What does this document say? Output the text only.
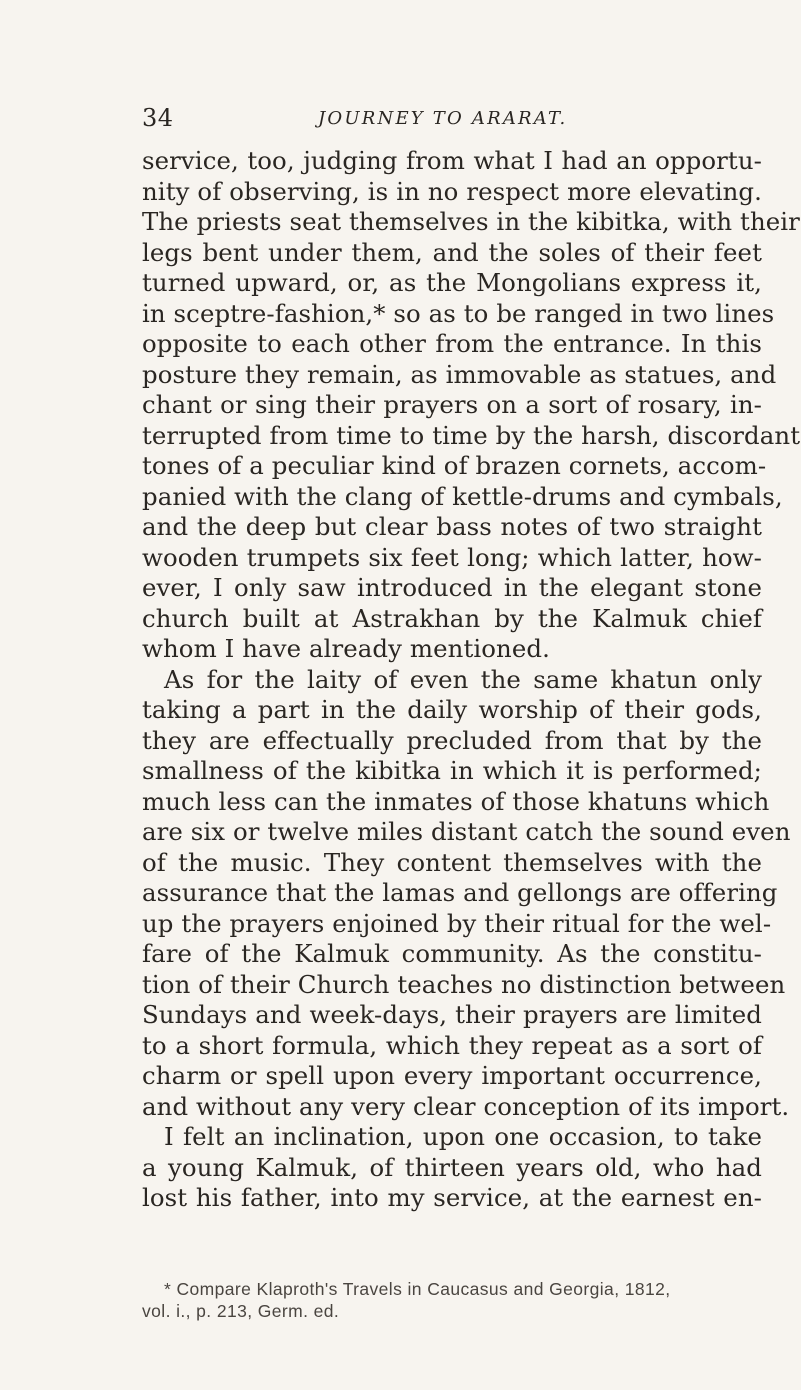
34	JOURNEY TO ARARAT.
service, too, judging from what I had an opportu-
nity of observing, is in no respect more elevating.
The priests seat themselves in the kibitka, with their
legs bent under them, and the soles of their feet
turned upward, or, as the Mongolians express it,
in sceptre-fashion,* so as to be ranged in two lines
opposite to each other from the entrance. In this
posture they remain, as immovable as statues, and
chant or sing their prayers on a sort of rosary, in-
terrupted from time to time by the harsh, discordant
tones of a peculiar kind of brazen cornets, accom-
panied with the clang of kettle-drums and cymbals,
and the deep but clear bass notes of two straight
wooden trumpets six feet long; which latter, how-
ever, I only saw introduced in the elegant stone
church built at Astrakhan by the Kalmuk chief
whom I have already mentioned.
As for the laity of even the same khatun only
taking a part in the daily worship of their gods,
they are effectually precluded from that by the
smallness of the kibitka in which it is performed;
much less can the inmates of those khatuns which
are six or twelve miles distant catch the sound even
of the music. They content themselves with the
assurance that the lamas and gellongs are offering
up the prayers enjoined by their ritual for the wel-
fare of the Kalmuk community. As the constitu-
tion of their Church teaches no distinction between
Sundays and week-days, their prayers are limited
to a short formula, which they repeat as a sort of
charm or spell upon every important occurrence,
and without any very clear conception of its import.
I felt an inclination, upon one occasion, to take
a young Kalmuk, of thirteen years old, who had
lost his father, into my service, at the earnest en-
* Compare Klaproth's Travels in Caucasus and Georgia, 1812,
vol. i., p. 213, Germ. ed.
